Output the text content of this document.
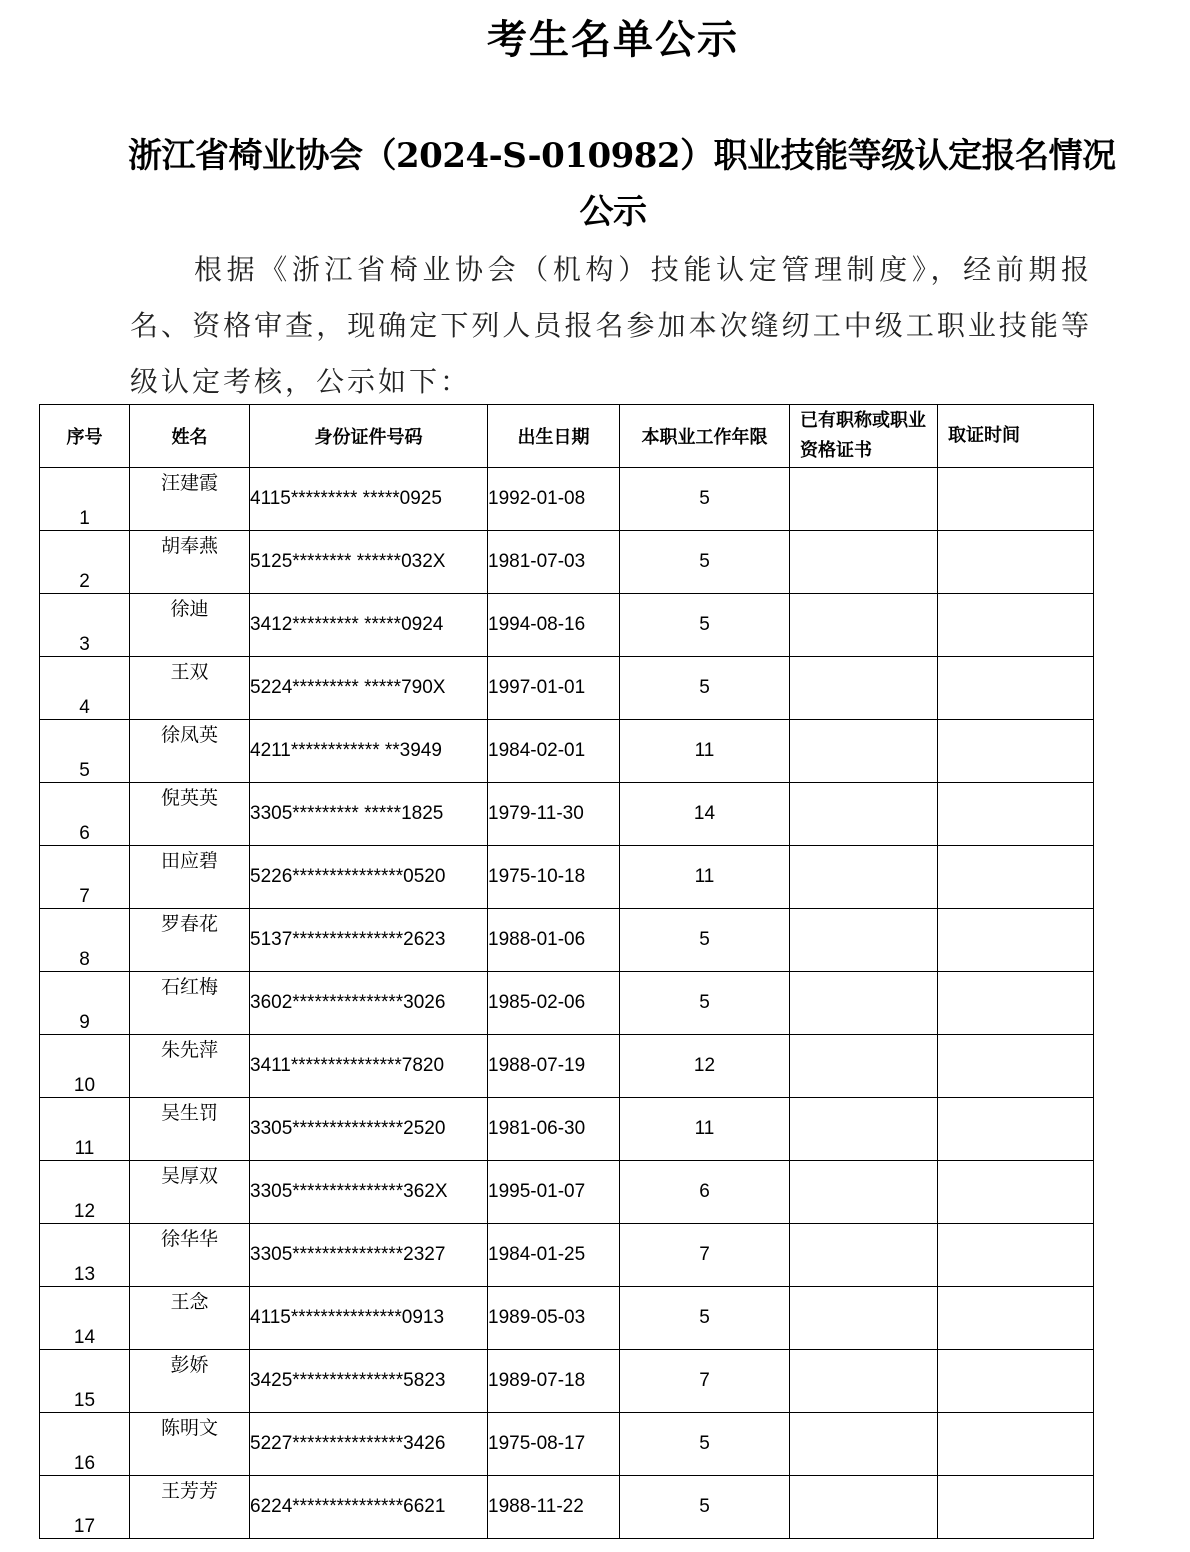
考生名单公示
浙江省椅业协会（2024-S-010982）职业技能等级认定报名情况
公示
根据《浙江省椅业协会（机构）技能认定管理制度》，经前期报名、资格审查，现确定下列人员报名参加本次缝纫工中级工职业技能等级认定考核，公示如下：
序号	姓名	身份证件号码	出生日期	本职业工作年限	已有职称或职业资格证书	取证时间
1	汪建霞	4115********* *****0925	1992-01-08	5		
2	胡奉燕	5125******** ******032X	1981-07-03	5		
3	徐迪	3412********* *****0924	1994-08-16	5		
4	王双	5224********* *****790X	1997-01-01	5		
5	徐凤英	4211************ **3949	1984-02-01	11		
6	倪英英	3305********* *****1825	1979-11-30	14		
7	田应碧	5226***************0520	1975-10-18	11		
8	罗春花	5137***************2623	1988-01-06	5		
9	石红梅	3602***************3026	1985-02-06	5		
10	朱先萍	3411***************7820	1988-07-19	12		
11	吴生罚	3305***************2520	1981-06-30	11		
12	吴厚双	3305***************362X	1995-01-07	6		
13	徐华华	3305***************2327	1984-01-25	7		
14	王念	4115***************0913	1989-05-03	5		
15	彭娇	3425***************5823	1989-07-18	7		
16	陈明文	5227***************3426	1975-08-17	5		
17	王芳芳	6224***************6621	1988-11-22	5		
